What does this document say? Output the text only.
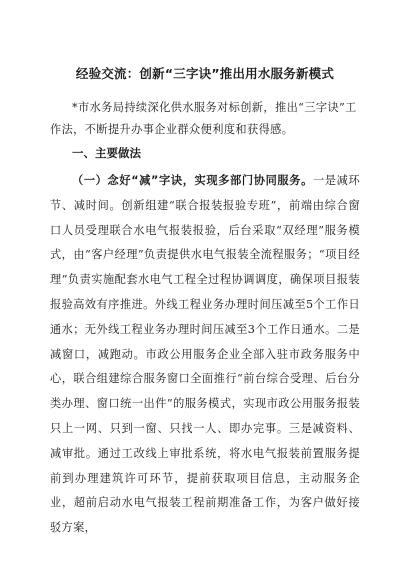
经验交流：创新“三字诀”推出用水服务新模式

*市水务局持续深化供水服务对标创新，推出“三字诀”工作法，不断提升办事企业群众便利度和获得感。

一、主要做法

（一）念好“减”字诀，实现多部门协同服务。一是减环节、减时间。创新组建“联合报装报验专班”，前端由综合窗口人员受理联合水电气报装报验，后台采取“双经理”服务模式，由“客户经理”负责提供水电气报装全流程服务；“项目经理”负责实施配套水电气工程全过程协调调度，确保项目报装报验高效有序推进。外线工程业务办理时间压减至5个工作日通水；无外线工程业务办理时间压减至3个工作日通水。二是减窗口，减跑动。市政公用服务企业全部入驻市政务服务中心，联合组建综合服务窗口全面推行“前台综合受理、后台分类办理、窗口统一出件”的服务模式，实现市政公用服务报装只上一网、只到一窗、只找一人、即办完事。三是减资料、减审批。通过工改线上审批系统，将水电气报装前置服务提前到办理建筑许可环节，提前获取项目信息，主动服务企业，超前启动水电气报装工程前期准备工作，为客户做好接驳方案，
